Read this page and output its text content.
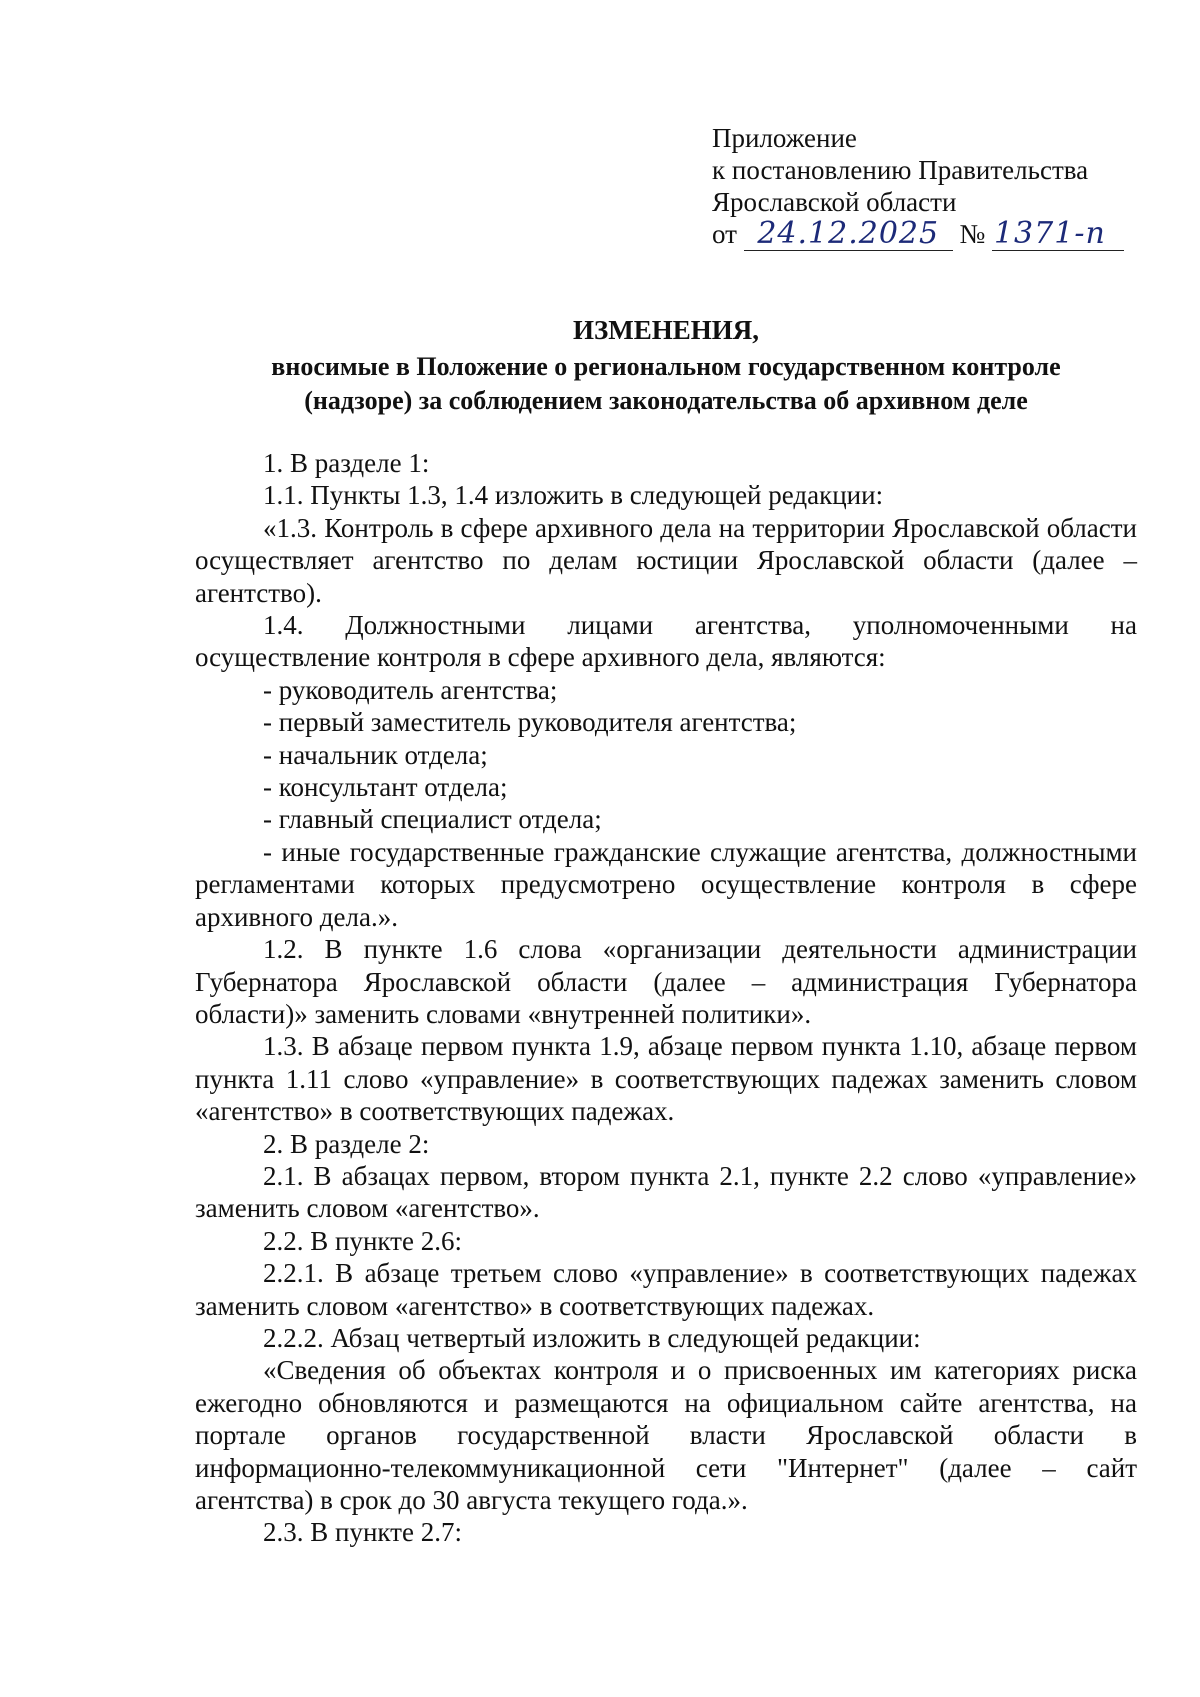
Приложение
к постановлению Правительства
Ярославской области
от 24.12.2025 № 1371-п
ИЗМЕНЕНИЯ,
вносимые в Положение о региональном государственном контроле
(надзоре) за соблюдением законодательства об архивном деле

1. В разделе 1:

1.1. Пункты 1.3, 1.4 изложить в следующей редакции:

«1.3. Контроль в сфере архивного дела на территории Ярославской области осуществляет агентство по делам юстиции Ярославской области (далее – агентство).

1.4. Должностными лицами агентства, уполномоченными на осуществление контроля в сфере архивного дела, являются:

- руководитель агентства;

- первый заместитель руководителя агентства;

- начальник отдела;

- консультант отдела;

- главный специалист отдела;

- иные государственные гражданские служащие агентства, должностными регламентами которых предусмотрено осуществление контроля в сфере архивного дела.».

1.2. В пункте 1.6 слова «организации деятельности администрации Губернатора Ярославской области (далее – администрация Губернатора области)» заменить словами «внутренней политики».

1.3. В абзаце первом пункта 1.9, абзаце первом пункта 1.10, абзаце первом пункта 1.11 слово «управление» в соответствующих падежах заменить словом «агентство» в соответствующих падежах.

2. В разделе 2:

2.1. В абзацах первом, втором пункта 2.1, пункте 2.2 слово «управление» заменить словом «агентство».

2.2. В пункте 2.6:

2.2.1. В абзаце третьем слово «управление» в соответствующих падежах заменить словом «агентство» в соответствующих падежах.

2.2.2. Абзац четвертый изложить в следующей редакции:

«Сведения об объектах контроля и о присвоенных им категориях риска ежегодно обновляются и размещаются на официальном сайте агентства, на портале органов государственной власти Ярославской области в информационно-телекоммуникационной сети "Интернет" (далее – сайт агентства) в срок до 30 августа текущего года.».

2.3. В пункте 2.7:
